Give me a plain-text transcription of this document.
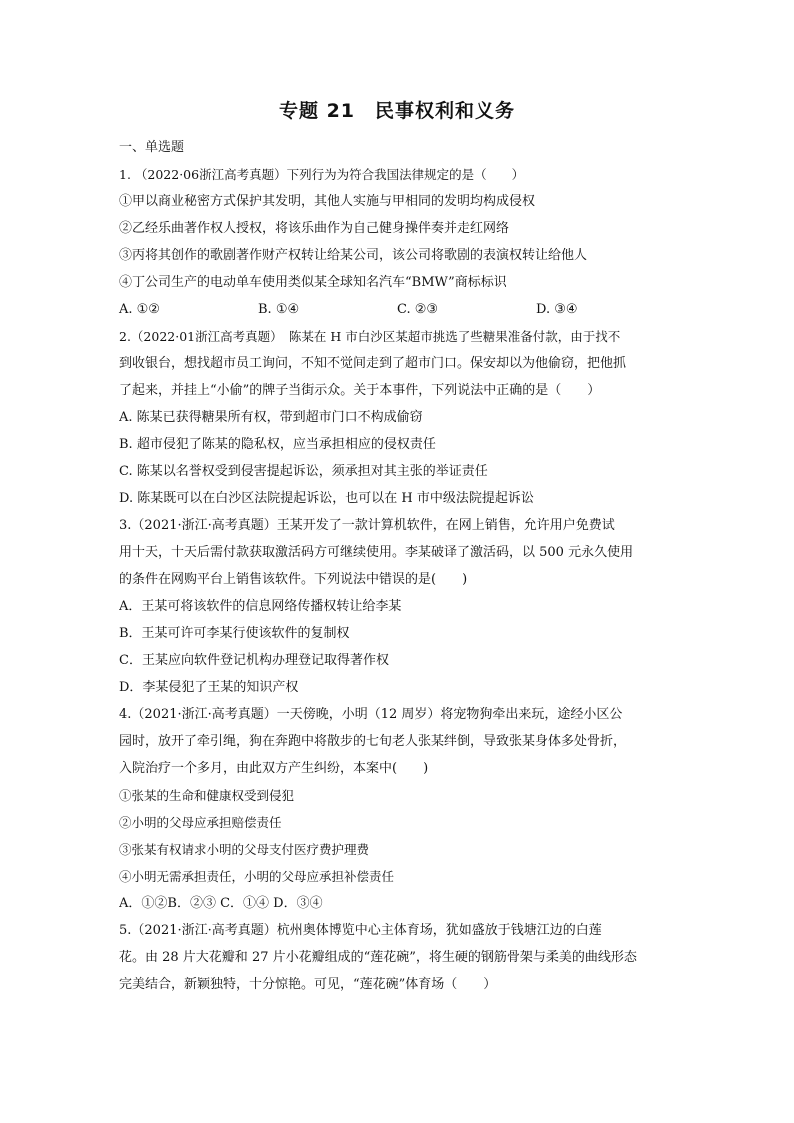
专题 21　民事权利和义务
一、单选题
1. （2022·06浙江高考真题）下列行为为符合我国法律规定的是（　　）
①甲以商业秘密方式保护其发明，其他人实施与甲相同的发明均构成侵权
②乙经乐曲著作权人授权，将该乐曲作为自己健身操伴奏并走红网络
③丙将其创作的歌剧著作财产权转让给某公司，该公司将歌剧的表演权转让给他人
④丁公司生产的电动单车使用类似某全球知名汽车“BMW”商标标识
A. ①②	B. ①④	C. ②③	D. ③④
2.（2022·01浙江高考真题）　陈某在 H 市白沙区某超市挑选了些糖果准备付款，由于找不
到收银台，想找超市员工询问，不知不觉间走到了超市门口。保安却以为他偷窃，把他抓
了起来，并挂上“小偷”的牌子当街示众。关于本事件，下列说法中正确的是（　　）
A. 陈某已获得糖果所有权，带到超市门口不构成偷窃
B. 超市侵犯了陈某的隐私权，应当承担相应的侵权责任
C. 陈某以名誉权受到侵害提起诉讼，须承担对其主张的举证责任
D. 陈某既可以在白沙区法院提起诉讼，也可以在 H 市中级法院提起诉讼
3.（2021·浙江·高考真题）王某开发了一款计算机软件，在网上销售，允许用户免费试
用十天，十天后需付款获取激活码方可继续使用。李某破译了激活码，以 500 元永久使用
的条件在网购平台上销售该软件。下列说法中错误的是(　　)
A．王某可将该软件的信息网络传播权转让给李某
B．王某可许可李某行使该软件的复制权
C．王某应向软件登记机构办理登记取得著作权
D．李某侵犯了王某的知识产权
4.（2021·浙江·高考真题）一天傍晚，小明（12 周岁）将宠物狗牵出来玩，途经小区公
园时，放开了牵引绳，狗在奔跑中将散步的七旬老人张某绊倒，导致张某身体多处骨折，
入院治疗一个多月，由此双方产生纠纷，本案中(　　)
①张某的生命和健康权受到侵犯
②小明的父母应承担赔偿责任
③张某有权请求小明的父母支付医疗费护理费
④小明无需承担责任，小明的父母应承担补偿责任
A．①②B．②③ C．①④ D．③④
5.（2021·浙江·高考真题）杭州奥体博览中心主体育场，犹如盛放于钱塘江边的白莲
花。由 28 片大花瓣和 27 片小花瓣组成的“莲花碗”，将生硬的钢筋骨架与柔美的曲线形态
完美结合，新颖独特，十分惊艳。可见，“莲花碗”体育场（　　）
